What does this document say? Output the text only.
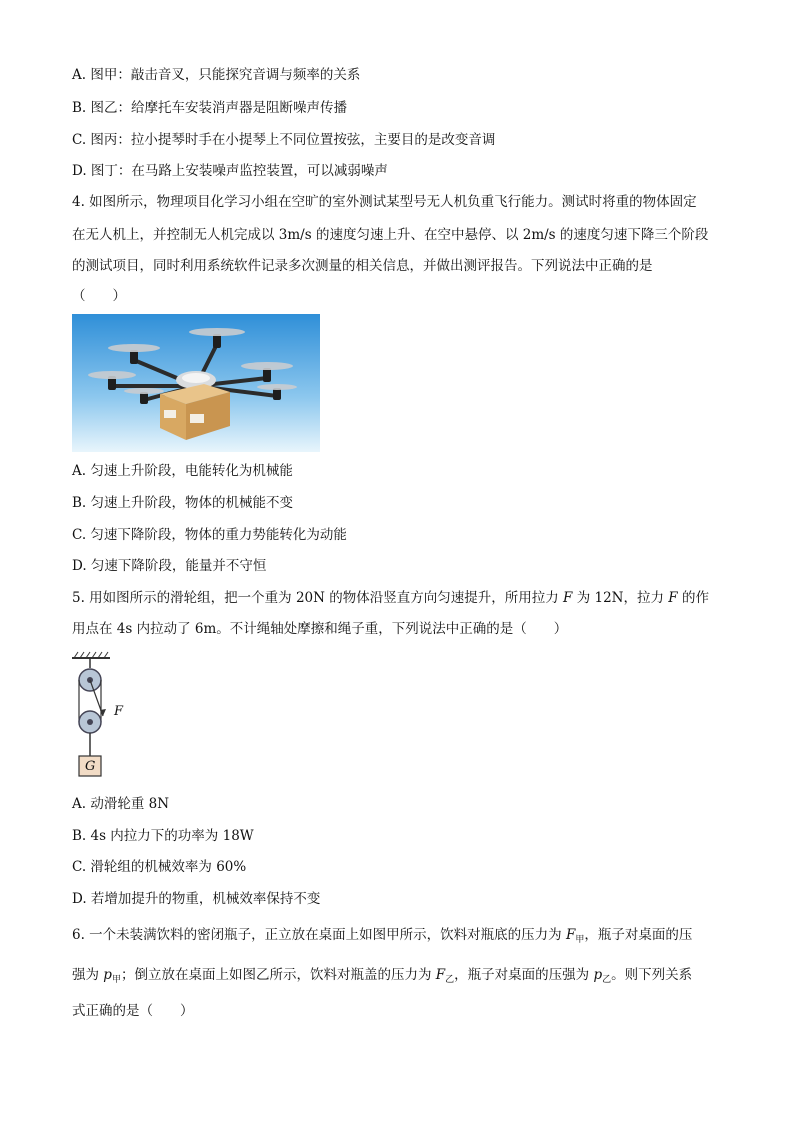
A. 图甲：敲击音叉，只能探究音调与频率的关系
B. 图乙：给摩托车安装消声器是阻断噪声传播
C. 图丙：拉小提琴时手在小提琴上不同位置按弦，主要目的是改变音调
D. 图丁：在马路上安装噪声监控装置，可以减弱噪声
4. 如图所示，物理项目化学习小组在空旷的室外测试某型号无人机负重飞行能力。测试时将重的物体固定
在无人机上，并控制无人机完成以 3m/s 的速度匀速上升、在空中悬停、以 2m/s 的速度匀速下降三个阶段
的测试项目，同时利用系统软件记录多次测量的相关信息，并做出测评报告。下列说法中正确的是
（　　）
A. 匀速上升阶段，电能转化为机械能
B. 匀速上升阶段，物体的机械能不变
C. 匀速下降阶段，物体的重力势能转化为动能
D. 匀速下降阶段，能量并不守恒
5. 用如图所示的滑轮组，把一个重为 20N 的物体沿竖直方向匀速提升，所用拉力 F 为 12N，拉力 F 的作
用点在 4s 内拉动了 6m。不计绳轴处摩擦和绳子重，下列说法中正确的是（　　）
F
G
A. 动滑轮重 8N
B. 4s 内拉力下的功率为 18W
C. 滑轮组的机械效率为 60%
D. 若增加提升的物重，机械效率保持不变
6. 一个未装满饮料的密闭瓶子，正立放在桌面上如图甲所示，饮料对瓶底的压力为 $F_甲$，瓶子对桌面的压
强为 $p_甲$；倒立放在桌面上如图乙所示，饮料对瓶盖的压力为 $F_乙$，瓶子对桌面的压强为 $p_乙$。则下列关系
式正确的是（　　）
